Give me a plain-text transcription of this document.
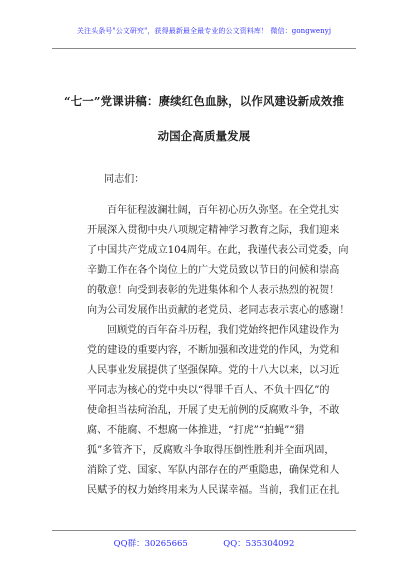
关注头条号"公文研究"，获得最新最全最专业的公文资料库！ 微信：gongwenyj
“七一”党课讲稿：赓续红色血脉，以作风建设新成效推
动国企高质量发展
同志们：
百年征程波澜壮阔，百年初心历久弥坚。在全党扎实
开展深入贯彻中央八项规定精神学习教育之际，我们迎来
了中国共产党成立104周年。在此，我谨代表公司党委，向
辛勤工作在各个岗位上的广大党员致以节日的问候和崇高
的敬意！向受到表彰的先进集体和个人表示热烈的祝贺！
向为公司发展作出贡献的老党员、老同志表示衷心的感谢！
回顾党的百年奋斗历程，我们党始终把作风建设作为
党的建设的重要内容，不断加强和改进党的作风，为党和
人民事业发展提供了坚强保障。党的十八大以来，以习近
平同志为核心的党中央以“得罪千百人、不负十四亿”的
使命担当祛疴治乱，开展了史无前例的反腐败斗争，不敢
腐、不能腐、不想腐一体推进，“打虎”“拍蝇”“猎
狐”多管齐下，反腐败斗争取得压倒性胜利并全面巩固，
消除了党、国家、军队内部存在的严重隐患，确保党和人
民赋予的权力始终用来为人民谋幸福。当前，我们正在扎
QQ群：30265665	QQ：535304092
